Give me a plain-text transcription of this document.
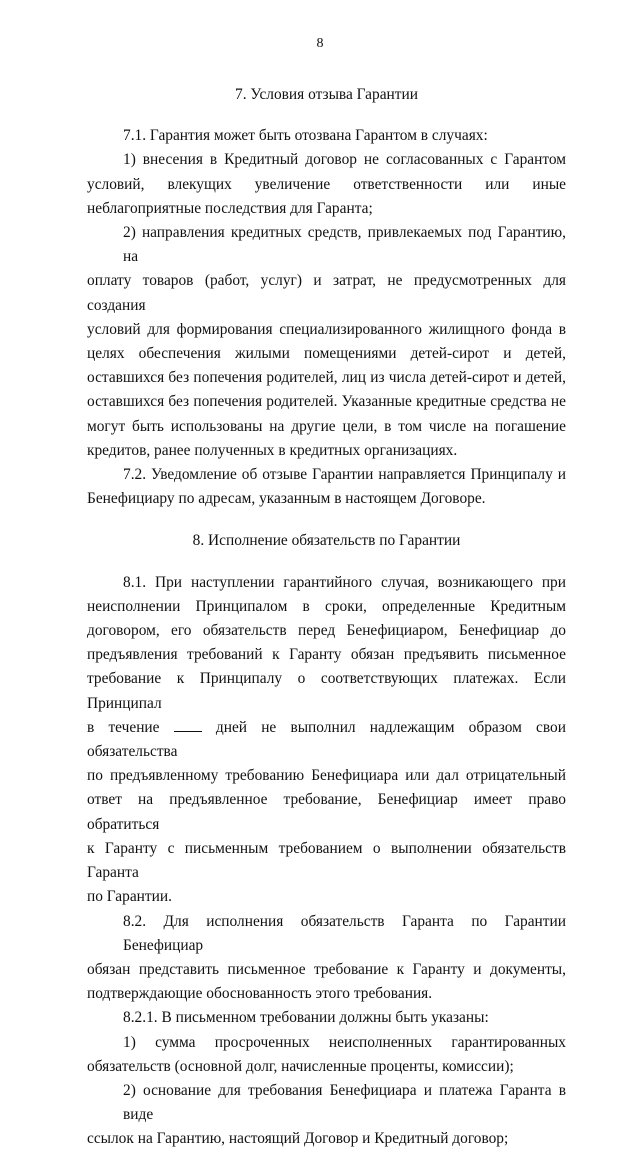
8
7. Условия отзыва Гарантии
7.1. Гарантия может быть отозвана Гарантом в случаях:
1) внесения в Кредитный договор не согласованных с Гарантом
условий, влекущих увеличение ответственности или иные
неблагоприятные последствия для Гаранта;
2) направления кредитных средств, привлекаемых под Гарантию, на
оплату товаров (работ, услуг) и затрат, не предусмотренных для создания
условий для формирования специализированного жилищного фонда в
целях обеспечения жилыми помещениями детей-сирот и детей,
оставшихся без попечения родителей, лиц из числа детей-сирот и детей,
оставшихся без попечения родителей. Указанные кредитные средства не
могут быть использованы на другие цели, в том числе на погашение
кредитов, ранее полученных в кредитных организациях.
7.2. Уведомление об отзыве Гарантии направляется Принципалу и
Бенефициару по адресам, указанным в настоящем Договоре.
8. Исполнение обязательств по Гарантии
8.1. При наступлении гарантийного случая, возникающего при
неисполнении Принципалом в сроки, определенные Кредитным
договором, его обязательств перед Бенефициаром, Бенефициар до
предъявления требований к Гаранту обязан предъявить письменное
требование к Принципалу о соответствующих платежах. Если Принципал
в течение	дней не выполнил надлежащим образом свои обязательства
по предъявленному требованию Бенефициара или дал отрицательный
ответ на предъявленное требование, Бенефициар имеет право обратиться
к Гаранту с письменным требованием о выполнении обязательств Гаранта
по Гарантии.
8.2. Для исполнения обязательств Гаранта по Гарантии Бенефициар
обязан представить письменное требование к Гаранту и документы,
подтверждающие обоснованность этого требования.
8.2.1. В письменном требовании должны быть указаны:
1) сумма просроченных неисполненных гарантированных
обязательств (основной долг, начисленные проценты, комиссии);
2) основание для требования Бенефициара и платежа Гаранта в виде
ссылок на Гарантию, настоящий Договор и Кредитный договор;
